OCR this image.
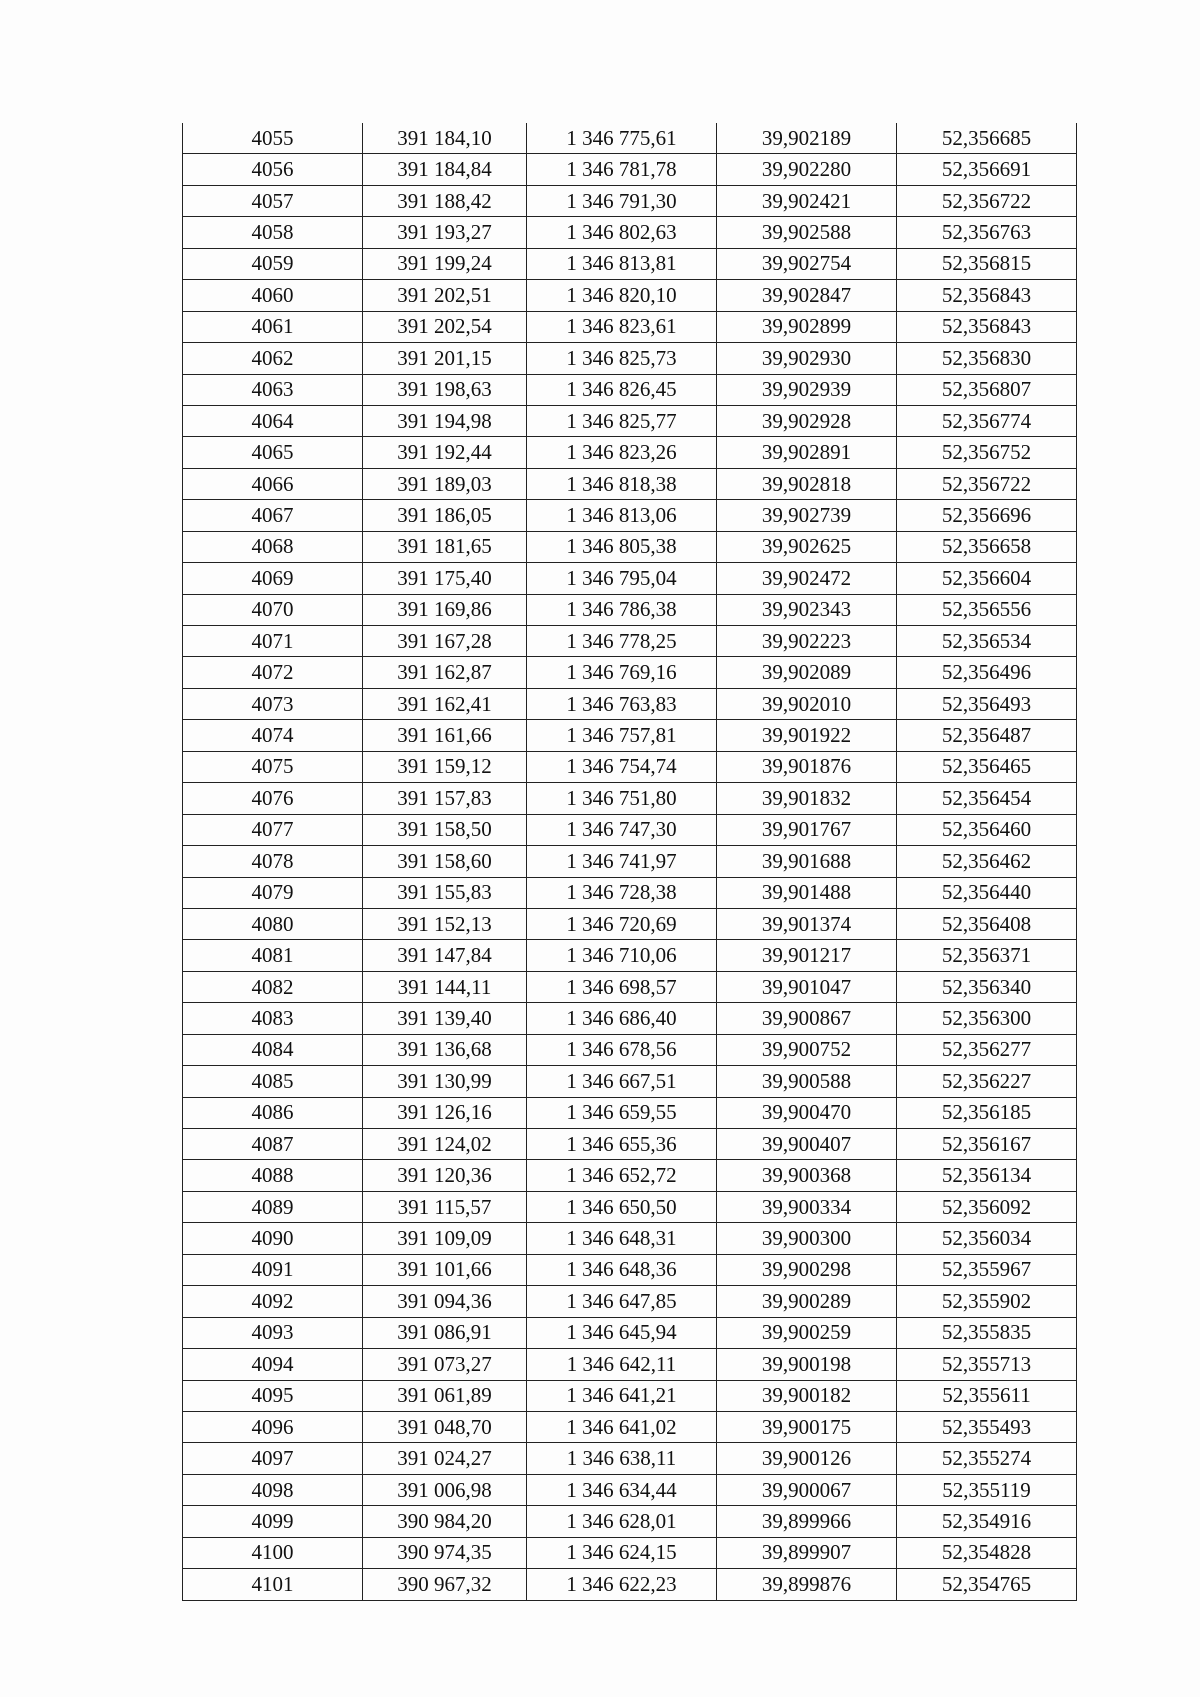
4055	391 184,10	1 346 775,61	39,902189	52,356685
4056	391 184,84	1 346 781,78	39,902280	52,356691
4057	391 188,42	1 346 791,30	39,902421	52,356722
4058	391 193,27	1 346 802,63	39,902588	52,356763
4059	391 199,24	1 346 813,81	39,902754	52,356815
4060	391 202,51	1 346 820,10	39,902847	52,356843
4061	391 202,54	1 346 823,61	39,902899	52,356843
4062	391 201,15	1 346 825,73	39,902930	52,356830
4063	391 198,63	1 346 826,45	39,902939	52,356807
4064	391 194,98	1 346 825,77	39,902928	52,356774
4065	391 192,44	1 346 823,26	39,902891	52,356752
4066	391 189,03	1 346 818,38	39,902818	52,356722
4067	391 186,05	1 346 813,06	39,902739	52,356696
4068	391 181,65	1 346 805,38	39,902625	52,356658
4069	391 175,40	1 346 795,04	39,902472	52,356604
4070	391 169,86	1 346 786,38	39,902343	52,356556
4071	391 167,28	1 346 778,25	39,902223	52,356534
4072	391 162,87	1 346 769,16	39,902089	52,356496
4073	391 162,41	1 346 763,83	39,902010	52,356493
4074	391 161,66	1 346 757,81	39,901922	52,356487
4075	391 159,12	1 346 754,74	39,901876	52,356465
4076	391 157,83	1 346 751,80	39,901832	52,356454
4077	391 158,50	1 346 747,30	39,901767	52,356460
4078	391 158,60	1 346 741,97	39,901688	52,356462
4079	391 155,83	1 346 728,38	39,901488	52,356440
4080	391 152,13	1 346 720,69	39,901374	52,356408
4081	391 147,84	1 346 710,06	39,901217	52,356371
4082	391 144,11	1 346 698,57	39,901047	52,356340
4083	391 139,40	1 346 686,40	39,900867	52,356300
4084	391 136,68	1 346 678,56	39,900752	52,356277
4085	391 130,99	1 346 667,51	39,900588	52,356227
4086	391 126,16	1 346 659,55	39,900470	52,356185
4087	391 124,02	1 346 655,36	39,900407	52,356167
4088	391 120,36	1 346 652,72	39,900368	52,356134
4089	391 115,57	1 346 650,50	39,900334	52,356092
4090	391 109,09	1 346 648,31	39,900300	52,356034
4091	391 101,66	1 346 648,36	39,900298	52,355967
4092	391 094,36	1 346 647,85	39,900289	52,355902
4093	391 086,91	1 346 645,94	39,900259	52,355835
4094	391 073,27	1 346 642,11	39,900198	52,355713
4095	391 061,89	1 346 641,21	39,900182	52,355611
4096	391 048,70	1 346 641,02	39,900175	52,355493
4097	391 024,27	1 346 638,11	39,900126	52,355274
4098	391 006,98	1 346 634,44	39,900067	52,355119
4099	390 984,20	1 346 628,01	39,899966	52,354916
4100	390 974,35	1 346 624,15	39,899907	52,354828
4101	390 967,32	1 346 622,23	39,899876	52,354765
